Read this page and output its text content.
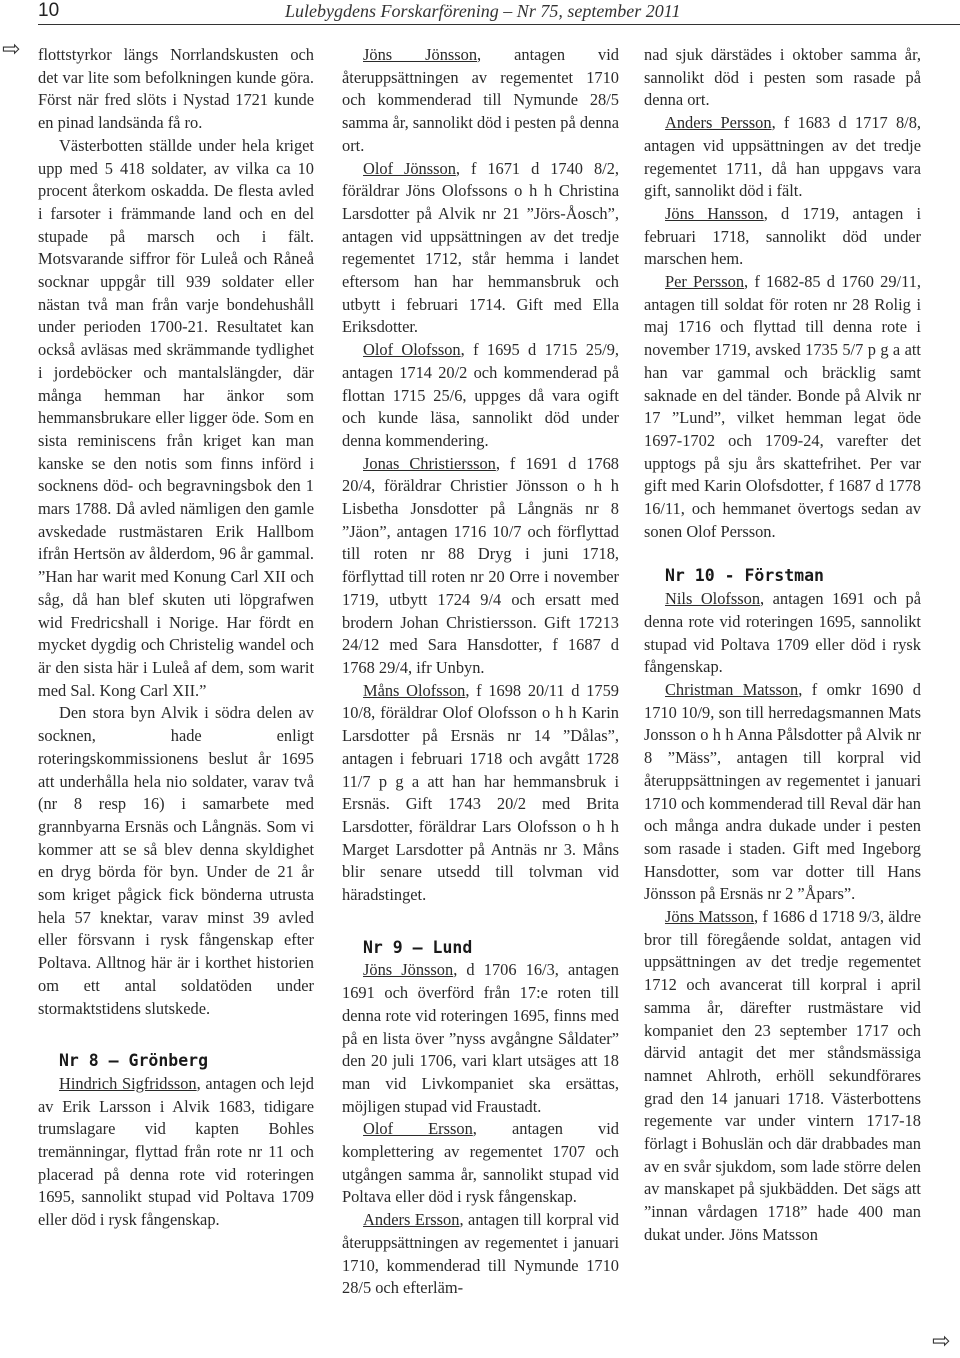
10	Lulebygdens Forskarförening – Nr 75, september 2011
⇨
⇨

flottstyrkor längs Norrlandskusten och det var lite som befolkningen kunde göra. Först när fred slöts i Nystad 1721 kunde en pinad landsända få ro.

Västerbotten ställde under hela kriget upp med 5 418 soldater, av vilka ca 10 procent återkom oskadda. De flesta avled i farsoter i främmande land och en del stupade på marsch och i fält. Motsvarande siffror för Luleå och Råneå socknar uppgår till 939 soldater eller nästan två man från varje bondehushåll under perioden 1700-21. Resultatet kan också avläsas med skrämmande tydlighet i jordeböcker och mantalslängder, där många hemman har änkor som hemmansbrukare eller ligger öde. Som en sista reminiscens från kriget kan man kanske se den notis som finns införd i socknens död- och begravningsbok den 1 mars 1788. Då avled nämligen den gamle avskedade rustmästaren Erik Hallbom ifrån Hertsön av ålderdom, 96 år gammal. ”Han har warit med Konung Carl XII och såg, då han blef skuten uti löpgrafwen wid Fredricshall i Norige. Har fördt en mycket dygdig och Christelig wandel och är den sista här i Luleå af dem, som warit med Sal. Kong Carl XII.”

Den stora byn Alvik i södra delen av socknen, hade enligt roteringskommissionens beslut år 1695 att underhålla hela nio soldater, varav två (nr 8 resp 16) i samarbete med grannbyarna Ersnäs och Långnäs. Som vi kommer att se så blev denna skyldighet en dryg börda för byn. Under de 21 år som kriget pågick fick bönderna utrusta hela 57 knektar, varav minst 39 avled eller försvann i rysk fångenskap efter Poltava. Alltnog här är i korthet historien om ett antal soldatöden under stormaktstidens slutskede.

Nr 8 – Grönberg

Hindrich Sigfridsson, antagen och lejd av Erik Larsson i Alvik 1683, tidigare trumslagare vid kapten Bohles tremänningar, flyttad från rote nr 11 och placerad på denna rote vid roteringen 1695, sannolikt stupad vid Poltava 1709 eller död i rysk fångenskap.

Jöns Jönsson, antagen vid återuppsättningen av regementet 1710 och kommenderad till Nymunde 28/5 samma år, sannolikt död i pesten på denna ort.

Olof Jönsson, f 1671 d 1740 8/2, föräldrar Jöns Olofssons o h h Christina Larsdotter på Alvik nr 21 ”Jörs-Åosch”, antagen vid uppsättningen av det tredje regementet 1712, står hemma i landet eftersom han har hemmansbruk och utbytt i februari 1714. Gift med Ella Eriksdotter.

Olof Olofsson, f 1695 d 1715 25/9, antagen 1714 20/2 och kommenderad på flottan 1715 25/6, uppges då vara ogift och kunde läsa, sannolikt död under denna kommendering.

Jonas Christiersson, f 1691 d 1768 20/4, föräldrar Christier Jönsson o h h Lisbetha Jonsdotter på Långnäs nr 8 ”Jäon”, antagen 1716 10/7 och förflyttad till roten nr 88 Dryg i juni 1718, förflyttad till roten nr 20 Orre i november 1719, utbytt 1724 9/4 och ersatt med brodern Johan Christiersson. Gift 17213 24/12 med Sara Hansdotter, f 1687 d 1768 29/4, ifr Unbyn.

Måns Olofsson, f 1698 20/11 d 1759 10/8, föräldrar Olof Olofsson o h h Karin Larsdotter på Ersnäs nr 14 ”Dålas”, antagen i februari 1718 och avgått 1728 11/7 p g a att han har hemmansbruk i Ersnäs. Gift 1743 20/2 med Brita Larsdotter, föräldrar Lars Olofsson o h h Marget Larsdotter på Antnäs nr 3. Måns blir senare utsedd till tolvman vid häradstinget.

Nr 9 – Lund

Jöns Jönsson, d 1706 16/3, antagen 1691 och överförd från 17:e roten till denna rote vid roteringen 1695, finns med på en lista över ”nyss avgångne Såldater” den 20 juli 1706, vari klart utsäges att 18 man vid Livkompaniet ska ersättas, möjligen stupad vid Fraustadt.

Olof Ersson, antagen vid komplettering av regementet 1707 och utgången samma år, sannolikt stupad vid Poltava eller död i rysk fångenskap.

Anders Ersson, antagen till korpral vid återuppsättningen av regementet i januari 1710, kommenderad till Nymunde 1710 28/5 och efterläm-

nad sjuk därstädes i oktober samma år, sannolikt död i pesten som rasade på denna ort.

Anders Persson, f 1683 d 1717 8/8, antagen vid uppsättningen av det tredje regementet 1711, då han uppgavs vara gift, sannolikt död i fält.

Jöns Hansson, d 1719, antagen i februari 1718, sannolikt död under marschen hem.

Per Persson, f 1682-85 d 1760 29/11, antagen till soldat för roten nr 28 Rolig i maj 1716 och flyttad till denna rote i november 1719, avsked 1735 5/7 p g a att han var gammal och bräcklig samt saknade en del tänder. Bonde på Alvik nr 17 ”Lund”, vilket hemman legat öde 1697-1702 och 1709-24, varefter det upptogs på sju års skattefrihet. Per var gift med Karin Olofsdotter, f 1687 d 1778 16/11, och hemmanet övertogs sedan av sonen Olof Persson.

Nr 10 - Förstman

Nils Olofsson, antagen 1691 och på denna rote vid roteringen 1695, sannolikt stupad vid Poltava 1709 eller död i rysk fångenskap.

Christman Matsson, f omkr 1690 d 1710 10/9, son till herredagsmannen Mats Jonsson o h h Anna Pålsdotter på Alvik nr 8 ”Mäss”, antagen till korpral vid återuppsättningen av regementet i januari 1710 och kommenderad till Reval där han och många andra dukade under i pesten som rasade i staden. Gift med Ingeborg Hansdotter, som var dotter till Hans Jönsson på Ersnäs nr 2 ”Åpars”.

Jöns Matsson, f 1686 d 1718 9/3, äldre bror till föregående soldat, antagen vid uppsättningen av det tredje regementet 1712 och avancerat till korpral i april samma år, därefter rustmästare vid kompaniet den 23 september 1717 och därvid antagit det mer ståndsmässiga namnet Ahlroth, erhöll sekundförares grad den 14 januari 1718. Västerbottens regemente var under vintern 1717-18 förlagt i Bohuslän och där drabbades man av en svår sjukdom, som lade större delen av manskapet på sjukbädden. Det sägs att ”innan vårdagen 1718” hade 400 man dukat under. Jöns Matsson
